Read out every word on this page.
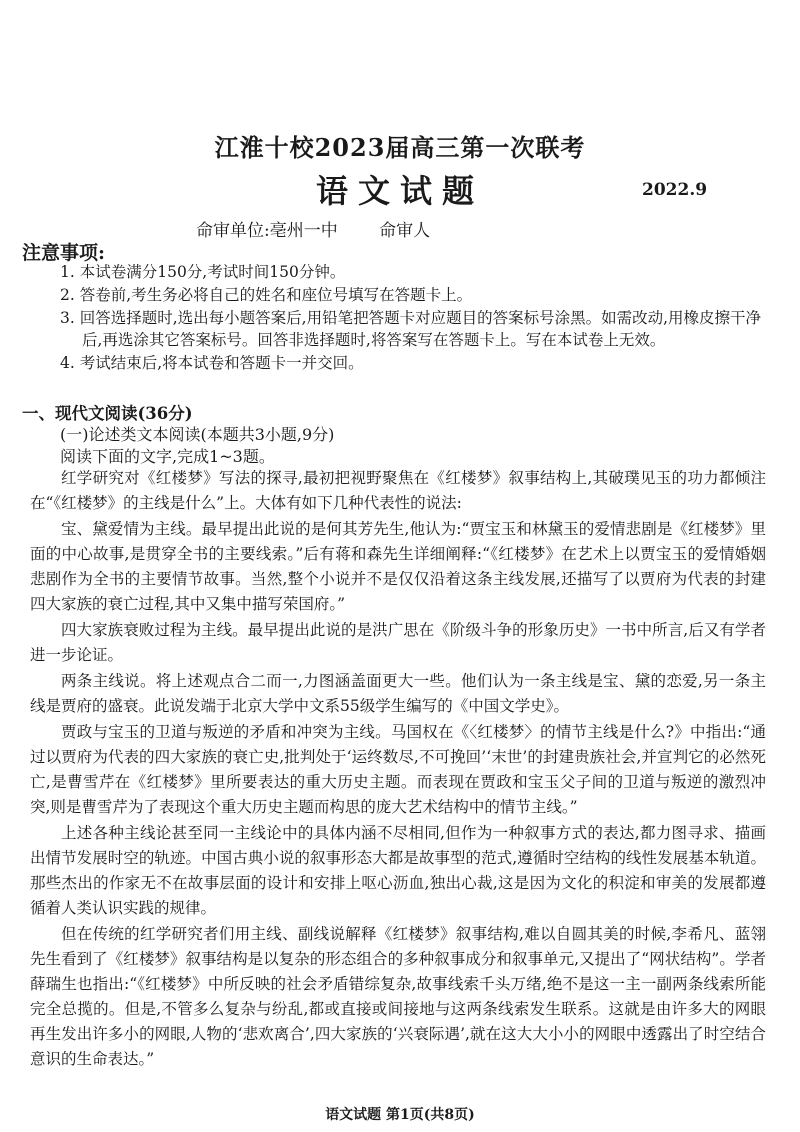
江淮十校2023届高三第一次联考
语文试题	2022.9
命审单位:亳州一中 命审人
注意事项:
1. 本试卷满分150分,考试时间150分钟。
2. 答卷前,考生务必将自己的姓名和座位号填写在答题卡上。
3. 回答选择题时,选出每小题答案后,用铅笔把答题卡对应题目的答案标号涂黑。如需改动,用橡皮擦干净后,再选涂其它答案标号。回答非选择题时,将答案写在答题卡上。写在本试卷上无效。
4. 考试结束后,将本试卷和答题卡一并交回。
一、现代文阅读(36分)
(一)论述类文本阅读(本题共3小题,9分)
阅读下面的文字,完成1~3题。

红学研究对《红楼梦》写法的探寻,最初把视野聚焦在《红楼梦》叙事结构上,其破璞见玉的功力都倾注在“《红楼梦》的主线是什么”上。大体有如下几种代表性的说法:

宝、黛爱情为主线。最早提出此说的是何其芳先生,他认为:“贾宝玉和林黛玉的爱情悲剧是《红楼梦》里面的中心故事,是贯穿全书的主要线索。”后有蒋和森先生详细阐释:“《红楼梦》在艺术上以贾宝玉的爱情婚姻悲剧作为全书的主要情节故事。当然,整个小说并不是仅仅沿着这条主线发展,还描写了以贾府为代表的封建四大家族的衰亡过程,其中又集中描写荣国府。”

四大家族衰败过程为主线。最早提出此说的是洪广思在《阶级斗争的形象历史》一书中所言,后又有学者进一步论证。

两条主线说。将上述观点合二而一,力图涵盖面更大一些。他们认为一条主线是宝、黛的恋爱,另一条主线是贾府的盛衰。此说发端于北京大学中文系55级学生编写的《中国文学史》。

贾政与宝玉的卫道与叛逆的矛盾和冲突为主线。马国权在《〈红楼梦〉的情节主线是什么?》中指出:“通过以贾府为代表的四大家族的衰亡史,批判处于‘运终数尽,不可挽回’‘末世’的封建贵族社会,并宣判它的必然死亡,是曹雪芹在《红楼梦》里所要表达的重大历史主题。而表现在贾政和宝玉父子间的卫道与叛逆的激烈冲突,则是曹雪芹为了表现这个重大历史主题而构思的庞大艺术结构中的情节主线。”

上述各种主线论甚至同一主线论中的具体内涵不尽相同,但作为一种叙事方式的表达,都力图寻求、描画出情节发展时空的轨迹。中国古典小说的叙事形态大都是故事型的范式,遵循时空结构的线性发展基本轨道。那些杰出的作家无不在故事层面的设计和安排上呕心沥血,独出心裁,这是因为文化的积淀和审美的发展都遵循着人类认识实践的规律。

但在传统的红学研究者们用主线、副线说解释《红楼梦》叙事结构,难以自圆其美的时候,李希凡、蓝翎先生看到了《红楼梦》叙事结构是以复杂的形态组合的多种叙事成分和叙事单元,又提出了“网状结构”。学者薛瑞生也指出:“《红楼梦》中所反映的社会矛盾错综复杂,故事线索千头万绪,绝不是这一主一副两条线索所能完全总揽的。但是,不管多么复杂与纷乱,都或直接或间接地与这两条线索发生联系。这就是由许多大的网眼再生发出许多小的网眼,人物的‘悲欢离合’,四大家族的‘兴衰际遇’,就在这大大小小的网眼中透露出了时空结合意识的生命表达。”

语文试题 第1页(共8页)
